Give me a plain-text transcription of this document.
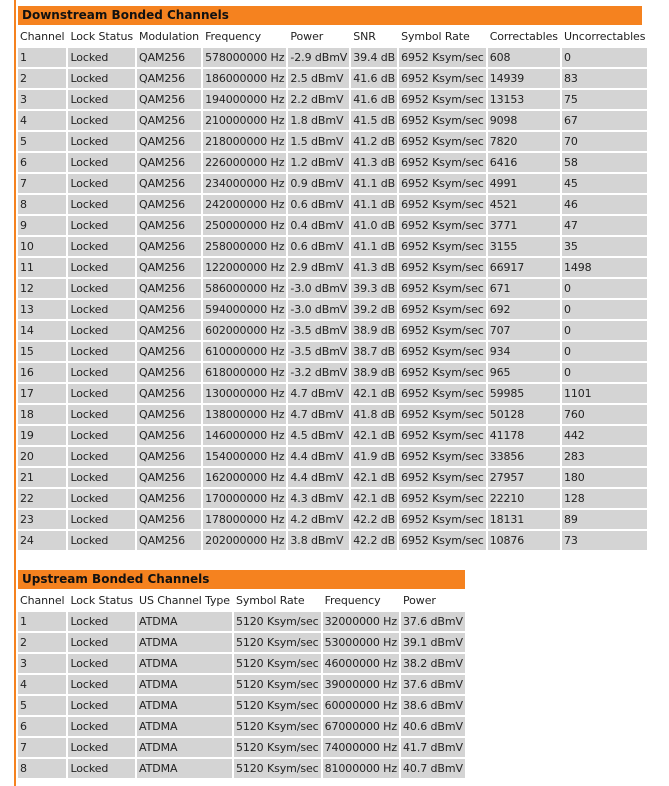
Downstream Bonded Channels
Channel	Lock Status	Modulation	Frequency	Power	SNR	Symbol Rate	Correctables	Uncorrectables
1	Locked	QAM256	578000000 Hz	-2.9 dBmV	39.4 dB	6952 Ksym/sec	608	0
2	Locked	QAM256	186000000 Hz	2.5 dBmV	41.6 dB	6952 Ksym/sec	14939	83
3	Locked	QAM256	194000000 Hz	2.2 dBmV	41.6 dB	6952 Ksym/sec	13153	75
4	Locked	QAM256	210000000 Hz	1.8 dBmV	41.5 dB	6952 Ksym/sec	9098	67
5	Locked	QAM256	218000000 Hz	1.5 dBmV	41.2 dB	6952 Ksym/sec	7820	70
6	Locked	QAM256	226000000 Hz	1.2 dBmV	41.3 dB	6952 Ksym/sec	6416	58
7	Locked	QAM256	234000000 Hz	0.9 dBmV	41.1 dB	6952 Ksym/sec	4991	45
8	Locked	QAM256	242000000 Hz	0.6 dBmV	41.1 dB	6952 Ksym/sec	4521	46
9	Locked	QAM256	250000000 Hz	0.4 dBmV	41.0 dB	6952 Ksym/sec	3771	47
10	Locked	QAM256	258000000 Hz	0.6 dBmV	41.1 dB	6952 Ksym/sec	3155	35
11	Locked	QAM256	122000000 Hz	2.9 dBmV	41.3 dB	6952 Ksym/sec	66917	1498
12	Locked	QAM256	586000000 Hz	-3.0 dBmV	39.3 dB	6952 Ksym/sec	671	0
13	Locked	QAM256	594000000 Hz	-3.0 dBmV	39.2 dB	6952 Ksym/sec	692	0
14	Locked	QAM256	602000000 Hz	-3.5 dBmV	38.9 dB	6952 Ksym/sec	707	0
15	Locked	QAM256	610000000 Hz	-3.5 dBmV	38.7 dB	6952 Ksym/sec	934	0
16	Locked	QAM256	618000000 Hz	-3.2 dBmV	38.9 dB	6952 Ksym/sec	965	0
17	Locked	QAM256	130000000 Hz	4.7 dBmV	42.1 dB	6952 Ksym/sec	59985	1101
18	Locked	QAM256	138000000 Hz	4.7 dBmV	41.8 dB	6952 Ksym/sec	50128	760
19	Locked	QAM256	146000000 Hz	4.5 dBmV	42.1 dB	6952 Ksym/sec	41178	442
20	Locked	QAM256	154000000 Hz	4.4 dBmV	41.9 dB	6952 Ksym/sec	33856	283
21	Locked	QAM256	162000000 Hz	4.4 dBmV	42.1 dB	6952 Ksym/sec	27957	180
22	Locked	QAM256	170000000 Hz	4.3 dBmV	42.1 dB	6952 Ksym/sec	22210	128
23	Locked	QAM256	178000000 Hz	4.2 dBmV	42.2 dB	6952 Ksym/sec	18131	89
24	Locked	QAM256	202000000 Hz	3.8 dBmV	42.2 dB	6952 Ksym/sec	10876	73
Upstream Bonded Channels
Channel	Lock Status	US Channel Type	Symbol Rate	Frequency	Power
1	Locked	ATDMA	5120 Ksym/sec	32000000 Hz	37.6 dBmV
2	Locked	ATDMA	5120 Ksym/sec	53000000 Hz	39.1 dBmV
3	Locked	ATDMA	5120 Ksym/sec	46000000 Hz	38.2 dBmV
4	Locked	ATDMA	5120 Ksym/sec	39000000 Hz	37.6 dBmV
5	Locked	ATDMA	5120 Ksym/sec	60000000 Hz	38.6 dBmV
6	Locked	ATDMA	5120 Ksym/sec	67000000 Hz	40.6 dBmV
7	Locked	ATDMA	5120 Ksym/sec	74000000 Hz	41.7 dBmV
8	Locked	ATDMA	5120 Ksym/sec	81000000 Hz	40.7 dBmV
